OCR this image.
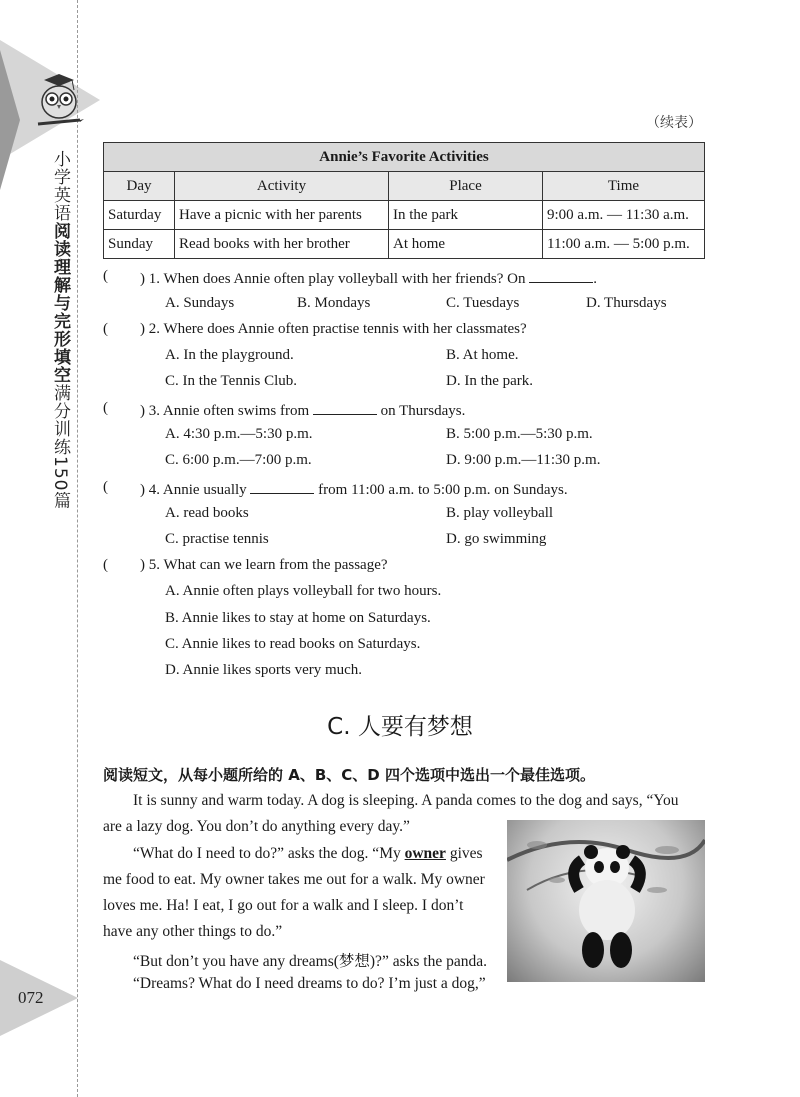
小学英语阅读理解与完形填空满分训练150篇
072
（续表）
Annie’s Favorite Activities			
Day	Activity	Place	Time
Saturday	Have a picnic with her parents	In the park	9:00 a.m. — 11:30 a.m.
Sunday	Read books with her brother	At home	11:00 a.m. — 5:00 p.m.
( ) 1. When does Annie often play volleyball with her friends? On	.
A. Sundays	B. Mondays	C. Tuesdays	D. Thursdays
( ) 2. Where does Annie often practise tennis with her classmates?
A. In the playground.	B. At home.
C. In the Tennis Club.	D. In the park.
( ) 3. Annie often swims from	on Thursdays.
A. 4:30 p.m.—5:30 p.m.	B. 5:00 p.m.—5:30 p.m.
C. 6:00 p.m.—7:00 p.m.	D. 9:00 p.m.—11:30 p.m.
( ) 4. Annie usually	from 11:00 a.m. to 5:00 p.m. on Sundays.
A. read books	B. play volleyball
C. practise tennis	D. go swimming
( ) 5. What can we learn from the passage?
A. Annie often plays volleyball for two hours.
B. Annie likes to stay at home on Saturdays.
C. Annie likes to read books on Saturdays.
D. Annie likes sports very much.
C. 人要有梦想
阅读短文，从每小题所给的 A、B、C、D 四个选项中选出一个最佳选项。
It is sunny and warm today. A dog is sleeping. A panda comes to the dog and says, “You
are a lazy dog. You don’t do anything every day.”
“What do I need to do?” asks the dog. “My owner gives
me food to eat. My owner takes me out for a walk. My owner
loves me. Ha! I eat, I go out for a walk and I sleep. I don’t
have any other things to do.”
“But don’t you have any dreams(梦想)?” asks the panda.
“Dreams? What do I need dreams to do? I’m just a dog,”
